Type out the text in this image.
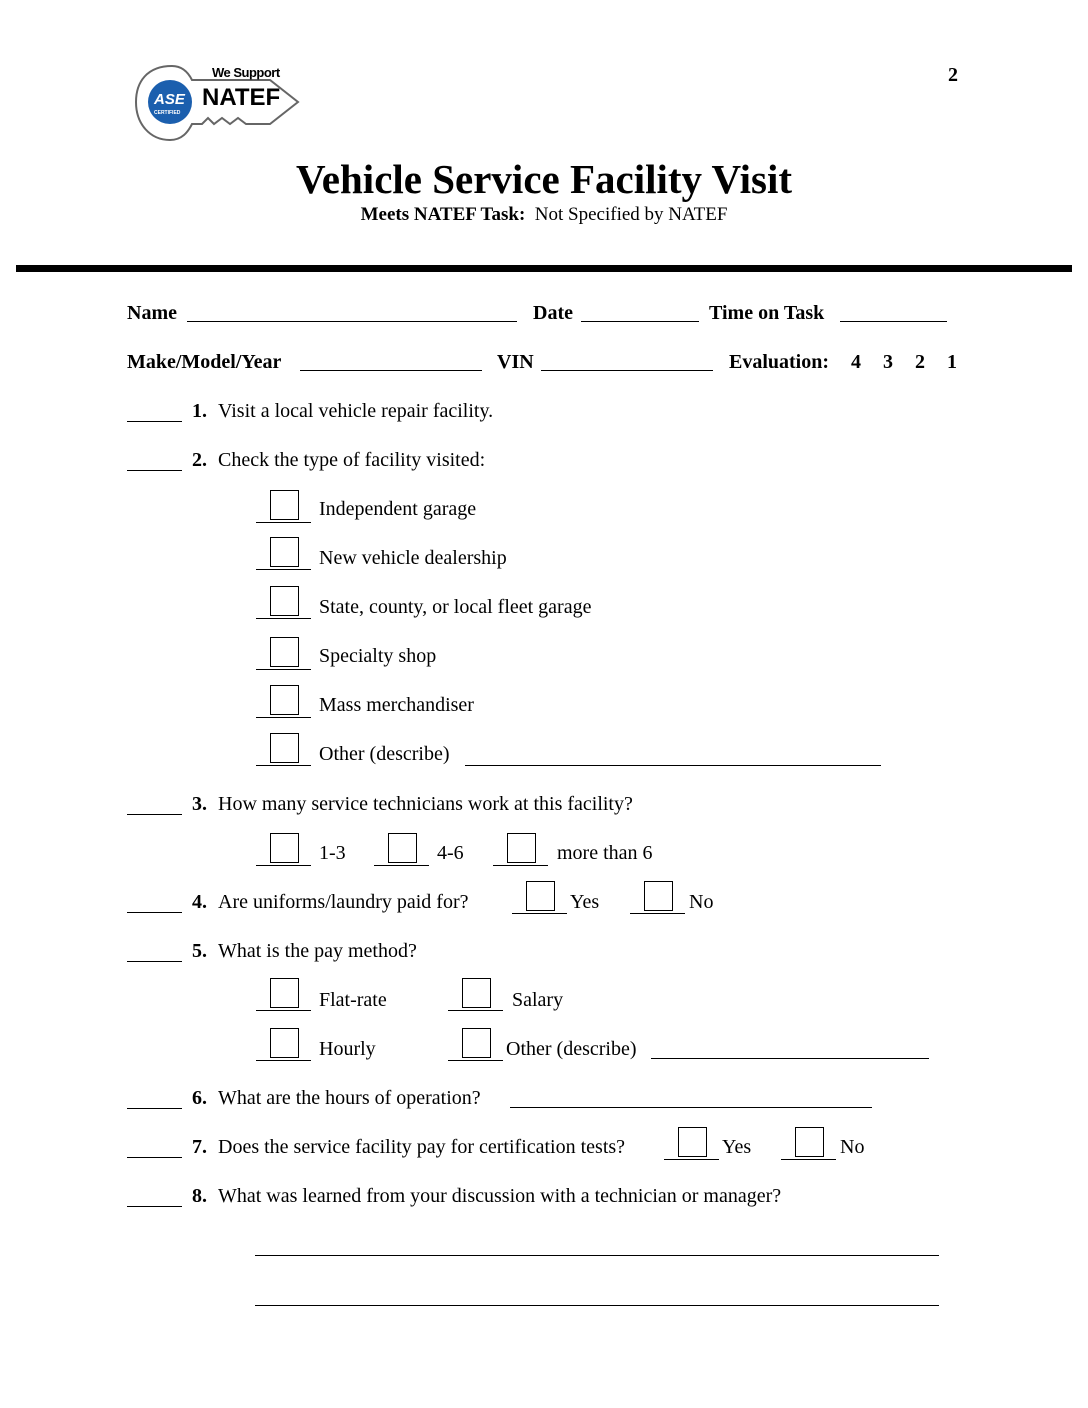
2
ASE
CERTIFIED
We Support
NATEF
Vehicle Service Facility Visit
Meets NATEF Task: Not Specified by NATEF
Name	Date	Time on Task
Make/Model/Year	VIN	Evaluation: 4 3 2 1
1. Visit a local vehicle repair facility.
2. Check the type of facility visited:
Independent garage
New vehicle dealership
State, county, or local fleet garage
Specialty shop
Mass merchandiser
Other (describe)
3. How many service technicians work at this facility?
1-3	4-6	more than 6
4. Are uniforms/laundry paid for?	Yes	No
5. What is the pay method?
Flat-rate	Salary
Hourly	Other (describe)
6. What are the hours of operation?
7. Does the service facility pay for certification tests?	Yes	No
8. What was learned from your discussion with a technician or manager?
